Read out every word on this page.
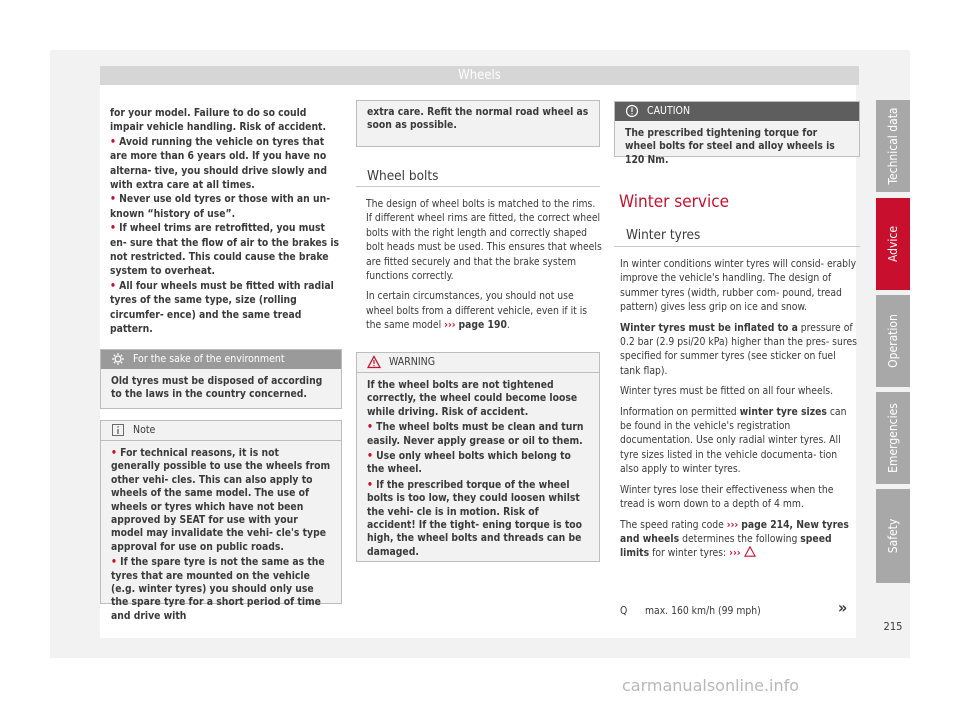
Wheels

for your model. Failure to do so could impair vehicle handling. Risk of accident.

• Avoid running the vehicle on tyres that are more than 6 years old. If you have no alterna- tive, you should drive slowly and with extra care at all times.

• Never use old tyres or those with an un- known “history of use”.

• If wheel trims are retrofitted, you must en- sure that the flow of air to the brakes is not restricted. This could cause the brake system to overheat.

• All four wheels must be fitted with radial tyres of the same type, size (rolling circumfer- ence) and the same tread pattern.

For the sake of the environment
Old tyres must be disposed of according to the laws in the country concerned.
Note

• For technical reasons, it is not generally possible to use the wheels from other vehi- cles. This can also apply to wheels of the same model. The use of wheels or tyres which have not been approved by SEAT for use with your model may invalidate the vehi- cle's type approval for use on public roads.

• If the spare tyre is not the same as the tyres that are mounted on the vehicle (e.g. winter tyres) you should only use the spare tyre for a short period of time and drive with

extra care. Refit the normal road wheel as soon as possible.
Wheel bolts

The design of wheel bolts is matched to the rims. If different wheel rims are fitted, the correct wheel bolts with the right length and correctly shaped bolt heads must be used. This ensures that wheels are fitted securely and that the brake system functions correctly.

In certain circumstances, you should not use wheel bolts from a different vehicle, even if it is the same model ››› page 190.

WARNING

If the wheel bolts are not tightened correctly, the wheel could become loose while driving. Risk of accident.

• The wheel bolts must be clean and turn easily. Never apply grease or oil to them.

• Use only wheel bolts which belong to the wheel.

• If the prescribed torque of the wheel bolts is too low, they could loosen whilst the vehi- cle is in motion. Risk of accident! If the tight- ening torque is too high, the wheel bolts and threads can be damaged.

CAUTION
The prescribed tightening torque for wheel bolts for steel and alloy wheels is 120 Nm.
Winter service
Winter tyres

In winter conditions winter tyres will consid- erably improve the vehicle's handling. The design of summer tyres (width, rubber com- pound, tread pattern) gives less grip on ice and snow.

Winter tyres must be inflated to a pressure of 0.2 bar (2.9 psi/20 kPa) higher than the pres- sures specified for summer tyres (see sticker on fuel tank flap).

Winter tyres must be fitted on all four wheels.

Information on permitted winter tyre sizes can be found in the vehicle's registration documentation. Use only radial winter tyres. All tyre sizes listed in the vehicle documenta- tion also apply to winter tyres.

Winter tyres lose their effectiveness when the tread is worn down to a depth of 4 mm.

The speed rating code ››› page 214, New tyres and wheels determines the following speed limits for winter tyres: ›››

Q max. 160 km/h (99 mph)	»
Technical data
Advice
Operation
Emergencies
Safety
215
carmanualsonline.info
